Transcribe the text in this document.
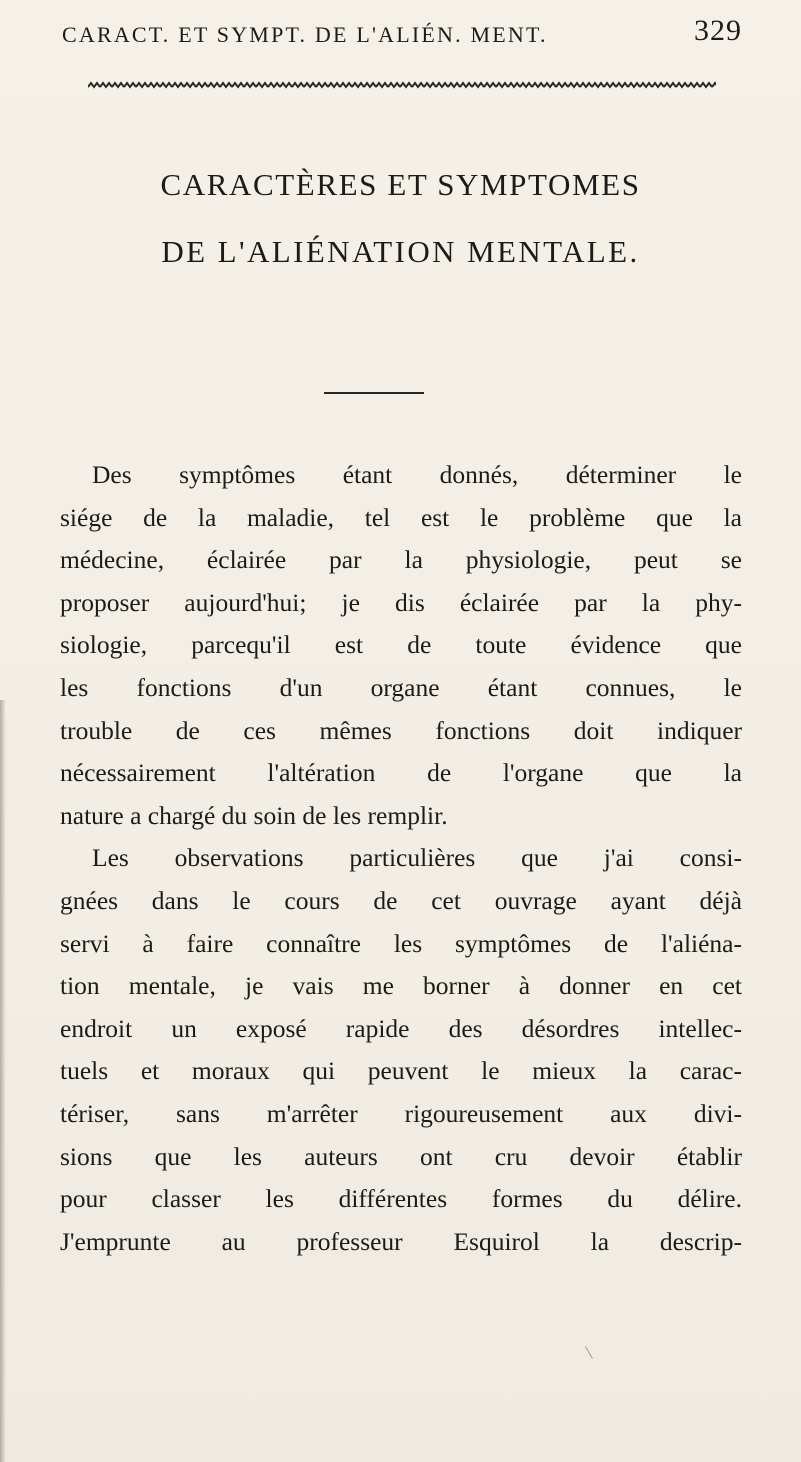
CARACT. ET SYMPT. DE L'ALIÉN. MENT.	329
CARACTÈRES ET SYMPTOMES
DE L'ALIÉNATION MENTALE.
Des symptômes étant donnés, déterminer le
siége de la maladie, tel est le problème que la
médecine, éclairée par la physiologie, peut se
proposer aujourd'hui; je dis éclairée par la phy-
siologie, parcequ'il est de toute évidence que
les fonctions d'un organe étant connues, le
trouble de ces mêmes fonctions doit indiquer
nécessairement l'altération de l'organe que la
nature a chargé du soin de les remplir.
Les observations particulières que j'ai consi-
gnées dans le cours de cet ouvrage ayant déjà
servi à faire connaître les symptômes de l'aliéna-
tion mentale, je vais me borner à donner en cet
endroit un exposé rapide des désordres intellec-
tuels et moraux qui peuvent le mieux la carac-
tériser, sans m'arrêter rigoureusement aux divi-
sions que les auteurs ont cru devoir établir
pour classer les différentes formes du délire.
J'emprunte au professeur Esquirol la descrip-
